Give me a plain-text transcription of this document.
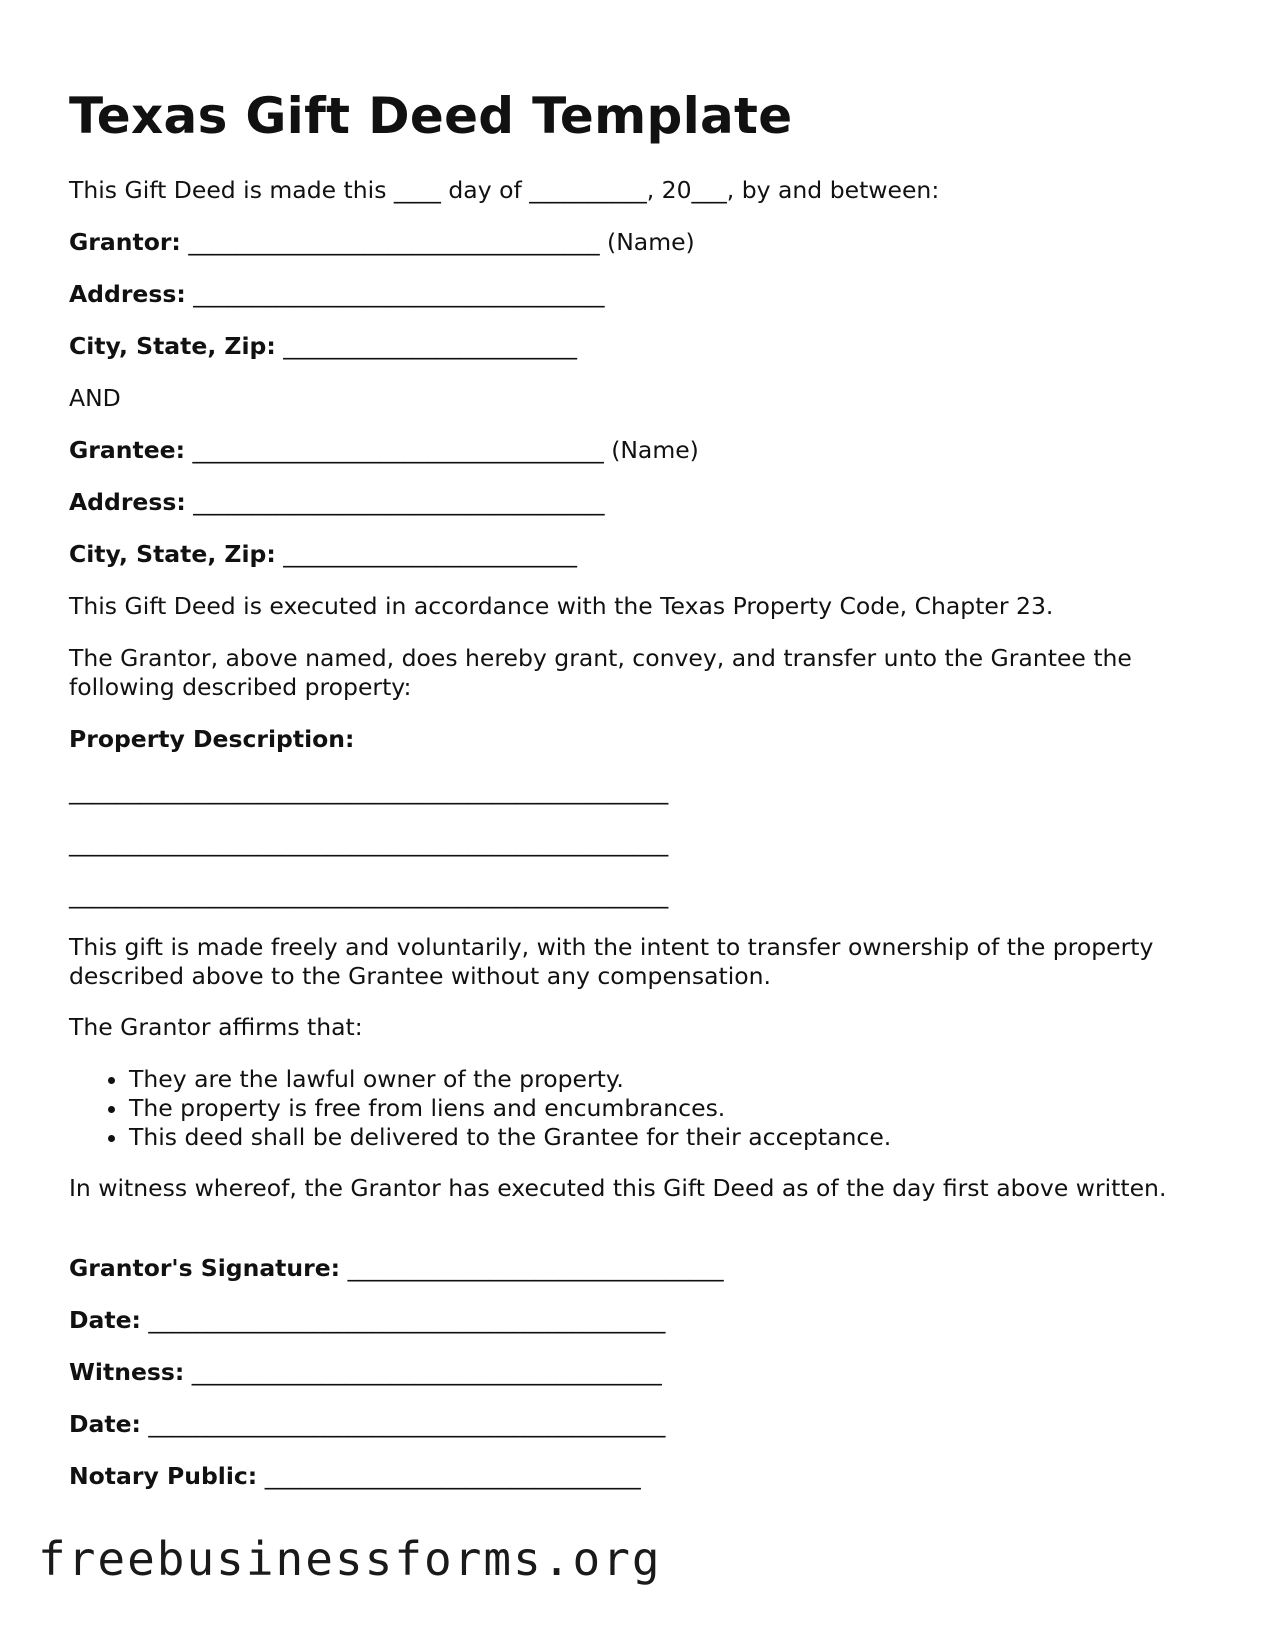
Texas Gift Deed Template
This Gift Deed is made this ____ day of __________, 20___, by and between:
Grantor: ___________________________________ (Name)
Address: ___________________________________
City, State, Zip: _________________________
AND
Grantee: ___________________________________ (Name)
Address: ___________________________________
City, State, Zip: _________________________
This Gift Deed is executed in accordance with the Texas Property Code, Chapter 23.
The Grantor, above named, does hereby grant, convey, and transfer unto the Grantee the following described property:
Property Description:
___________________________________________________
___________________________________________________
___________________________________________________
This gift is made freely and voluntarily, with the intent to transfer ownership of the property described above to the Grantee without any compensation.
The Grantor affirms that:
• They are the lawful owner of the property.
• The property is free from liens and encumbrances.
• This deed shall be delivered to the Grantee for their acceptance.
In witness whereof, the Grantor has executed this Gift Deed as of the day first above written.
Grantor's Signature: ________________________________
Date: ____________________________________________
Witness: ________________________________________
Date: ____________________________________________
Notary Public: ________________________________
freebusinessforms.org
